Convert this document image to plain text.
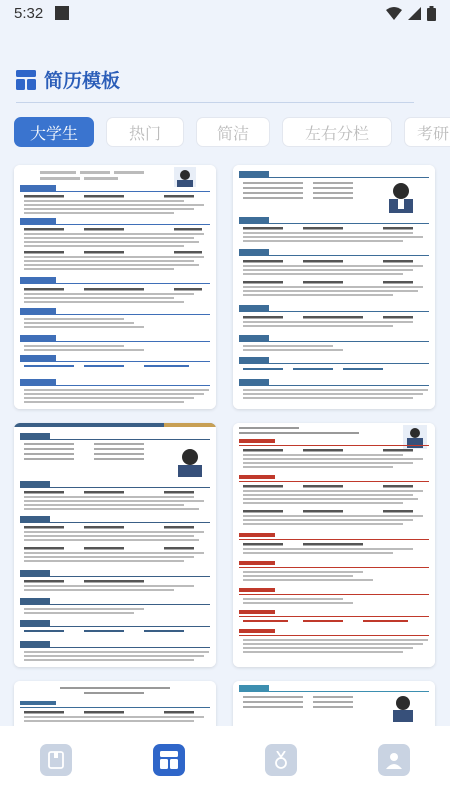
5:32
简历模板
大学生	热门	简洁	左右分栏	考研
